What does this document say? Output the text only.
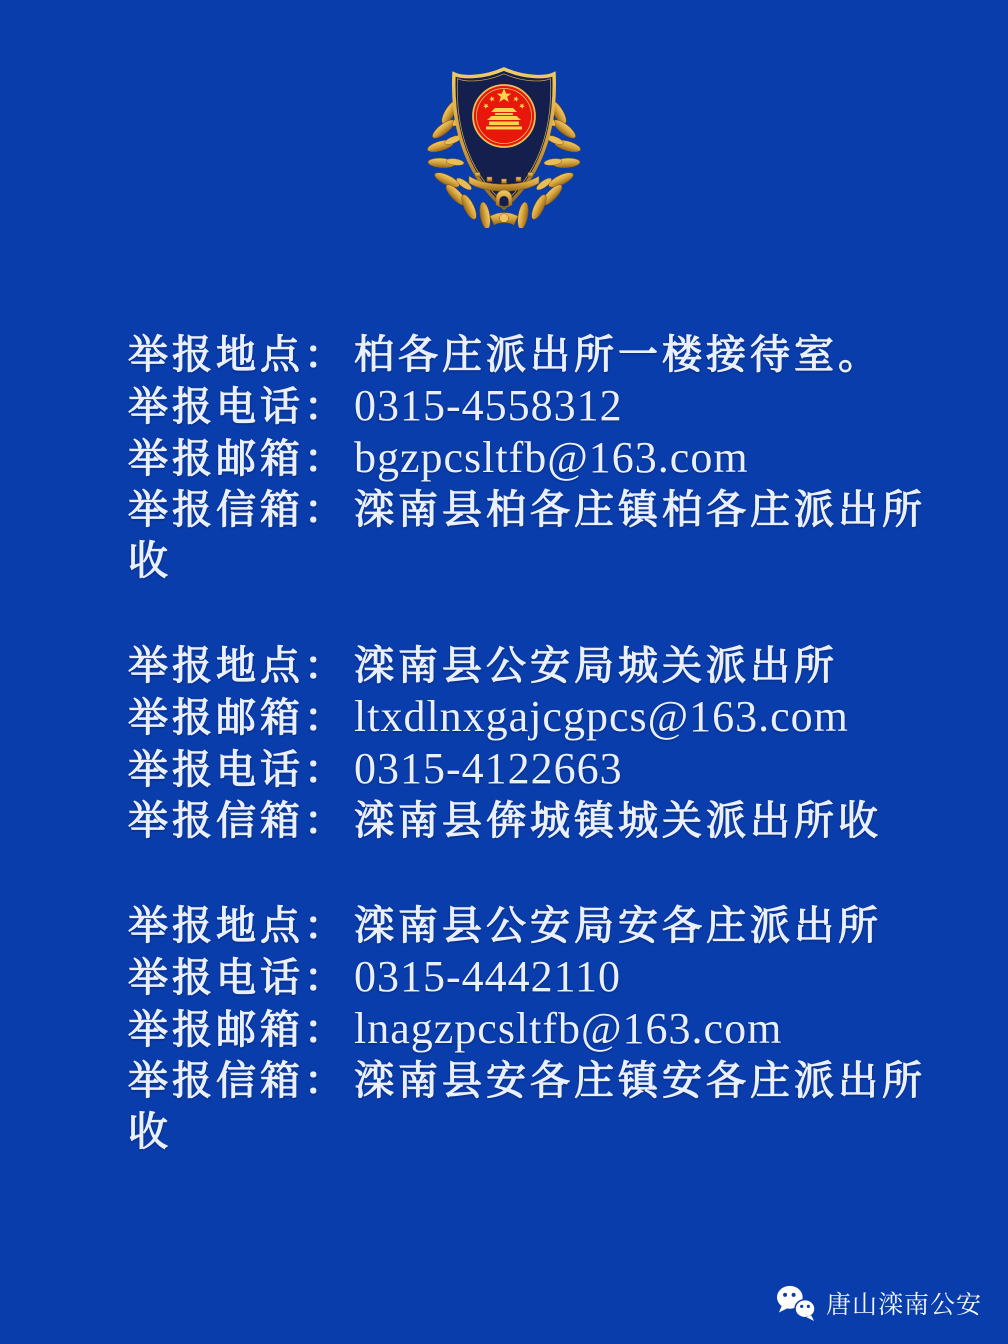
举报地点： 柏各庄派出所一楼接待室。

举报电话： 0315-4558312

举报邮箱： bgzpcsltfb@163.com

举报信箱： 滦南县柏各庄镇柏各庄派出所收

举报地点： 滦南县公安局城关派出所

举报邮箱： ltxdlnxgajcgpcs@163.com

举报电话： 0315-4122663

举报信箱： 滦南县倴城镇城关派出所收

举报地点： 滦南县公安局安各庄派出所

举报电话： 0315-4442110

举报邮箱： lnagzpcsltfb@163.com

举报信箱： 滦南县安各庄镇安各庄派出所收

唐山滦南公安
